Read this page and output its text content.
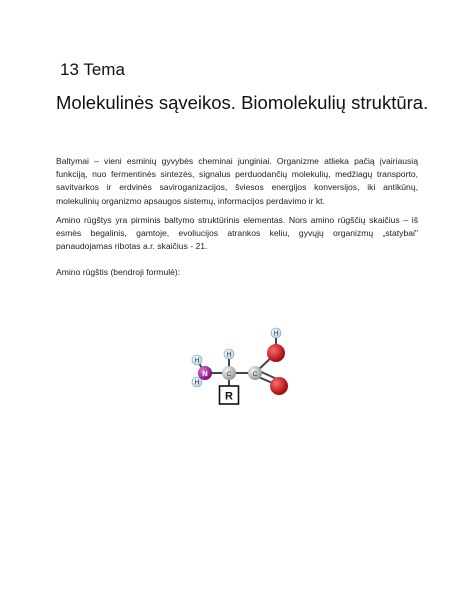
13 Tema
Molekulinės sąveikos. Biomolekulių struktūra.
Baltymai – vieni esminių gyvybės cheminai junginiai. Organizme atlieka pačią įvairiausią funkciją, nuo fermentinės sintezės, signalus perduodančių molekulių, medžiagų transporto, savitvarkos ir erdvinės saviroganizacijos, šviesos energijos konversijos, iki antikūnų, molekulinių organizmo apsaugos sistemų, informacijos perdavimo ir kt.
Amino rūgštys yra pirminis baltymo struktūrinis elementas. Nors amino rūgščių skaičius – iš esmės begalinis, gamtoje, evoliucijos atrankos keliu, gyvųjų organizmų „statybai" panaudojamas ribotas a.r. skaičius - 21.
Amino rūgštis (bendroji formulė):
H
H
H
H
N	C	C
R
